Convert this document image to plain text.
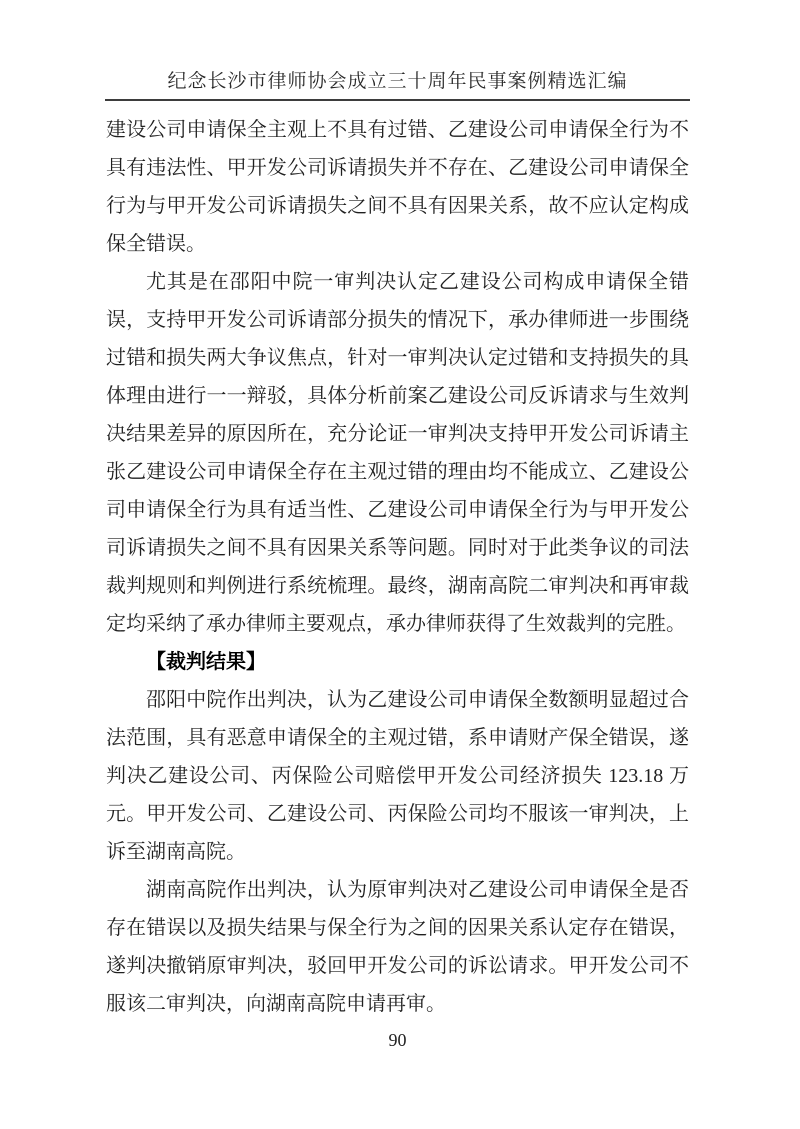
纪念长沙市律师协会成立三十周年民事案例精选汇编

建设公司申请保全主观上不具有过错、乙建设公司申请保全行为不具有违法性、甲开发公司诉请损失并不存在、乙建设公司申请保全行为与甲开发公司诉请损失之间不具有因果关系，故不应认定构成保全错误。

尤其是在邵阳中院一审判决认定乙建设公司构成申请保全错误，支持甲开发公司诉请部分损失的情况下，承办律师进一步围绕过错和损失两大争议焦点，针对一审判决认定过错和支持损失的具体理由进行一一辩驳，具体分析前案乙建设公司反诉请求与生效判决结果差异的原因所在，充分论证一审判决支持甲开发公司诉请主张乙建设公司申请保全存在主观过错的理由均不能成立、乙建设公司申请保全行为具有适当性、乙建设公司申请保全行为与甲开发公司诉请损失之间不具有因果关系等问题。同时对于此类争议的司法裁判规则和判例进行系统梳理。最终，湖南高院二审判决和再审裁定均采纳了承办律师主要观点，承办律师获得了生效裁判的完胜。

【裁判结果】

邵阳中院作出判决，认为乙建设公司申请保全数额明显超过合法范围，具有恶意申请保全的主观过错，系申请财产保全错误，遂判决乙建设公司、丙保险公司赔偿甲开发公司经济损失 123.18 万元。甲开发公司、乙建设公司、丙保险公司均不服该一审判决，上诉至湖南高院。

湖南高院作出判决，认为原审判决对乙建设公司申请保全是否存在错误以及损失结果与保全行为之间的因果关系认定存在错误，遂判决撤销原审判决，驳回甲开发公司的诉讼请求。甲开发公司不服该二审判决，向湖南高院申请再审。

90
